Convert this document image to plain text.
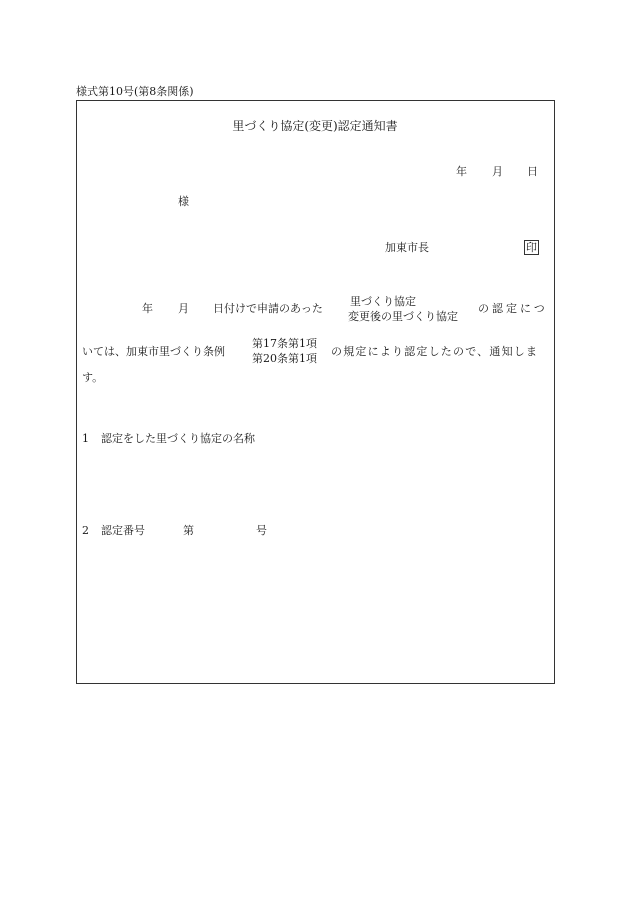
様式第10号(第8条関係)
里づくり協定(変更)認定通知書
年 月 日
様
加東市長	印
年 月 日付けで申請のあった
里づくり協定
変更後の里づくり協定
の認定につ
いては、加東市里づくり条例
第17条第1項
第20条第1項
の規定により認定したので、通知しま
す。
1 認定をした里づくり協定の名称
2 認定番号	第	号
